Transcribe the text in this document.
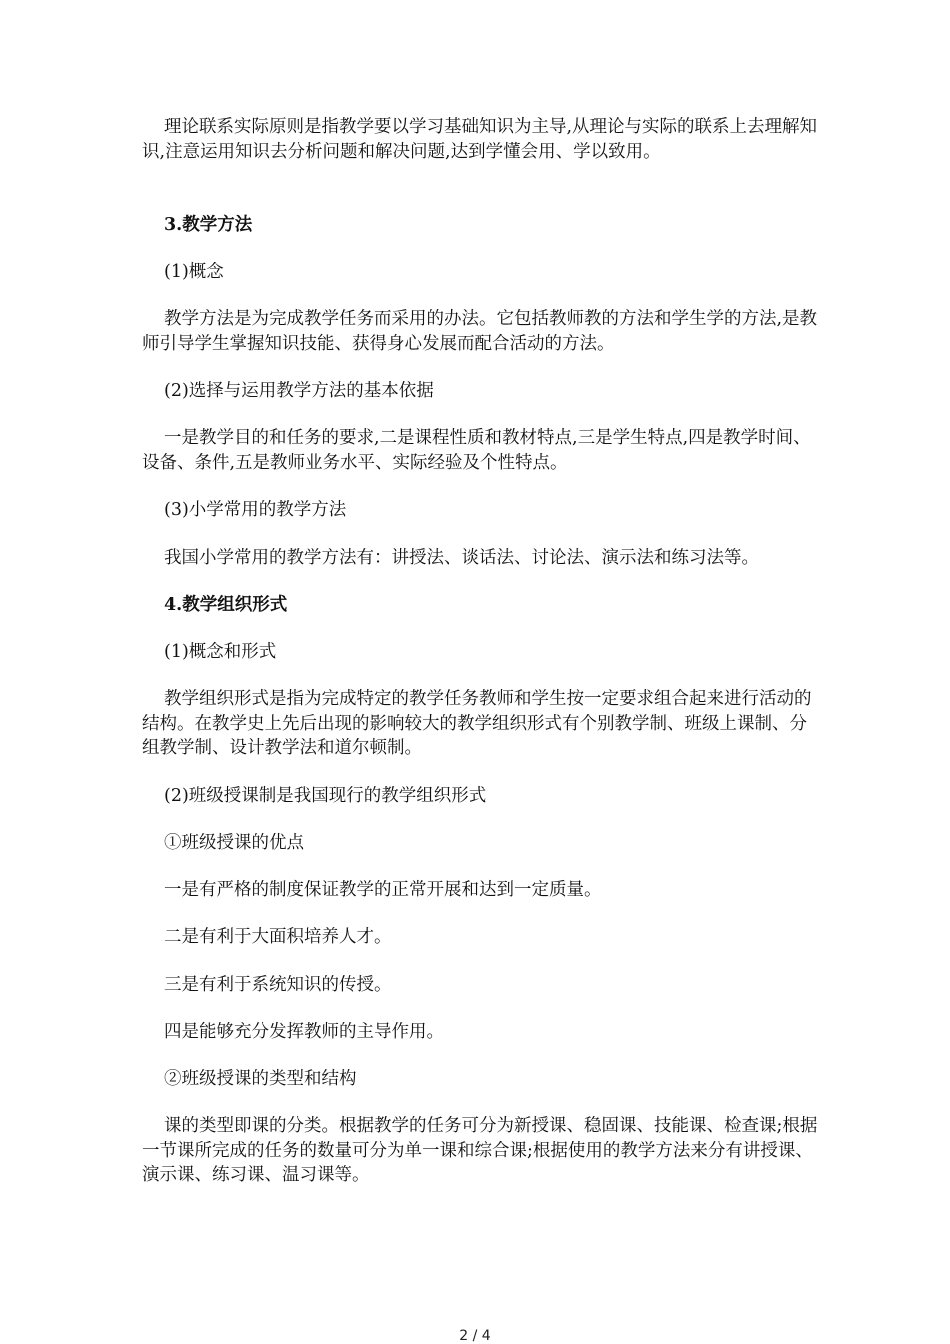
理论联系实际原则是指教学要以学习基础知识为主导,从理论与实际的联系上去理解知识,注意运用知识去分析问题和解决问题,达到学懂会用、学以致用。

3.教学方法

(1)概念

教学方法是为完成教学任务而采用的办法。它包括教师教的方法和学生学的方法,是教师引导学生掌握知识技能、获得身心发展而配合活动的方法。

(2)选择与运用教学方法的基本依据

一是教学目的和任务的要求,二是课程性质和教材特点,三是学生特点,四是教学时间、设备、条件,五是教师业务水平、实际经验及个性特点。

(3)小学常用的教学方法

我国小学常用的教学方法有：讲授法、谈话法、讨论法、演示法和练习法等。

4.教学组织形式

(1)概念和形式

教学组织形式是指为完成特定的教学任务教师和学生按一定要求组合起来进行活动的结构。在教学史上先后出现的影响较大的教学组织形式有个别教学制、班级上课制、分组教学制、设计教学法和道尔顿制。

(2)班级授课制是我国现行的教学组织形式

①班级授课的优点

一是有严格的制度保证教学的正常开展和达到一定质量。

二是有利于大面积培养人才。

三是有利于系统知识的传授。

四是能够充分发挥教师的主导作用。

②班级授课的类型和结构

课的类型即课的分类。根据教学的任务可分为新授课、稳固课、技能课、检查课;根据一节课所完成的任务的数量可分为单一课和综合课;根据使用的教学方法来分有讲授课、演示课、练习课、温习课等。

2 / 4
